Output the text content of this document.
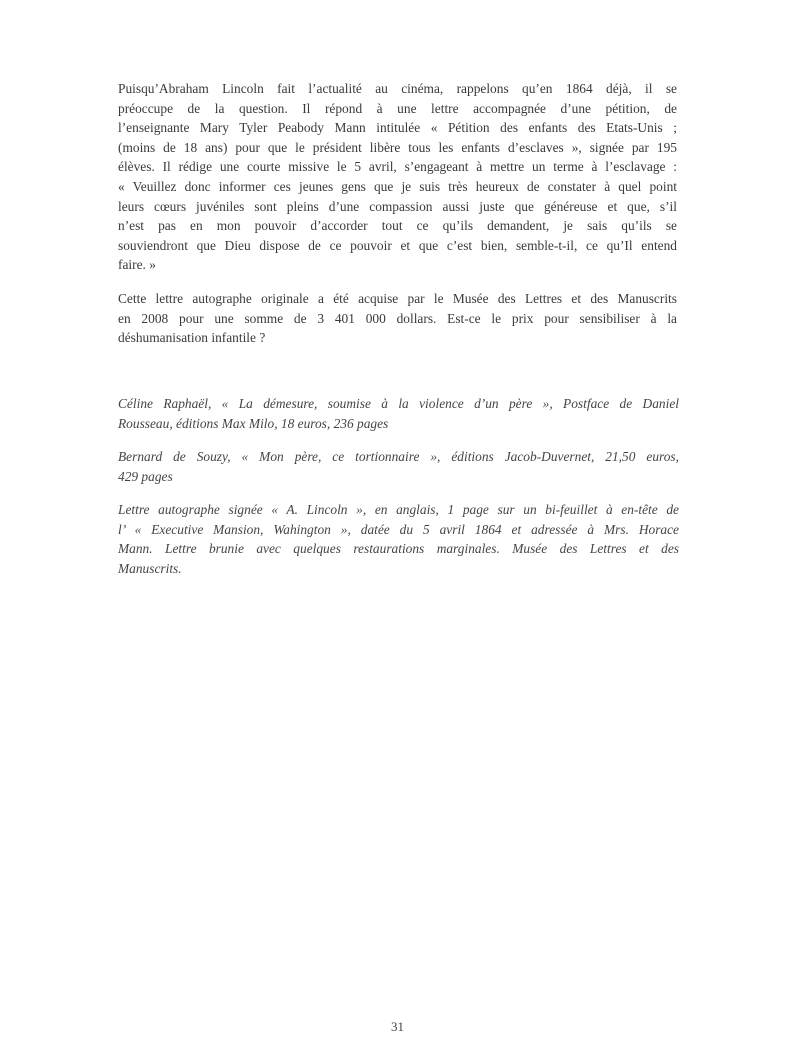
Puisqu’Abraham Lincoln fait l’actualité au cinéma, rappelons qu’en 1864 déjà, il se
préoccupe de la question. Il répond à une lettre accompagnée d’une pétition, de
l’enseignante Mary Tyler Peabody Mann intitulée « Pétition des enfants des Etats-Unis ;
(moins de 18 ans) pour que le président libère tous les enfants d’esclaves », signée par 195
élèves. Il rédige une courte missive le 5 avril, s’engageant à mettre un terme à l’esclavage :
« Veuillez donc informer ces jeunes gens que je suis très heureux de constater à quel point
leurs cœurs juvéniles sont pleins d’une compassion aussi juste que généreuse et que, s’il
n’est pas en mon pouvoir d’accorder tout ce qu’ils demandent, je sais qu’ils se
souviendront que Dieu dispose de ce pouvoir et que c’est bien, semble-t-il, ce qu’Il entend
faire. »
Cette lettre autographe originale a été acquise par le Musée des Lettres et des Manuscrits
en 2008 pour une somme de 3 401 000 dollars. Est-ce le prix pour sensibiliser à la
déshumanisation infantile ?
Céline Raphaël, « La démesure, soumise à la violence d’un père », Postface de Daniel
Rousseau, éditions Max Milo, 18 euros, 236 pages
Bernard de Souzy, « Mon père, ce tortionnaire », éditions Jacob-Duvernet, 21,50 euros,
429 pages
Lettre autographe signée « A. Lincoln », en anglais, 1 page sur un bi-feuillet à en-tête de
l’ « Executive Mansion, Wahington », datée du 5 avril 1864 et adressée à Mrs. Horace
Mann. Lettre brunie avec quelques restaurations marginales. Musée des Lettres et des
Manuscrits.
31
